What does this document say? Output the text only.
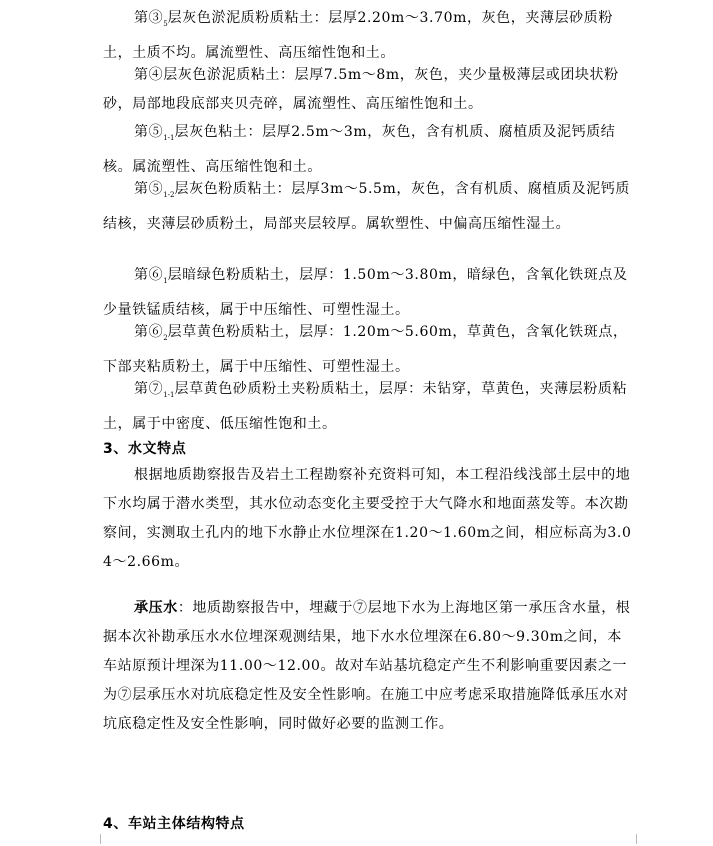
第$③_5$层灰色淤泥质粉质粘土：层厚2.20m～3.70m，灰色，夹薄层砂质粉土，土质不均。属流塑性、高压缩性饱和土。

第④层灰色淤泥质粘土：层厚7.5m～8m，灰色，夹少量极薄层或团块状粉砂，局部地段底部夹贝壳碎，属流塑性、高压缩性饱和土。

第$⑤_{1-1}$层灰色粘土：层厚2.5m～3m，灰色，含有机质、腐植质及泥钙质结核。属流塑性、高压缩性饱和土。

第$⑤_{1-2}$层灰色粉质粘土：层厚3m～5.5m，灰色，含有机质、腐植质及泥钙质结核，夹薄层砂质粉土，局部夹层较厚。属软塑性、中偏高压缩性湿土。

第$⑥_1$层暗绿色粉质粘土，层厚：1.50m～3.80m，暗绿色，含氧化铁斑点及少量铁锰质结核，属于中压缩性、可塑性湿土。

第$⑥_2$层草黄色粉质粘土，层厚：1.20m～5.60m，草黄色，含氧化铁斑点，下部夹粘质粉土，属于中压缩性、可塑性湿土。

第$⑦_{1-1}$层草黄色砂质粉土夹粉质粘土，层厚：未钻穿，草黄色，夹薄层粉质粘土，属于中密度、低压缩性饱和土。

3、水文特点

根据地质勘察报告及岩土工程勘察补充资料可知，本工程沿线浅部土层中的地下水均属于潜水类型，其水位动态变化主要受控于大气降水和地面蒸发等。本次勘察间，实测取土孔内的地下水静止水位埋深在1.20～1.60m之间，相应标高为3.04～2.66m。

承压水：地质勘察报告中，埋藏于⑦层地下水为上海地区第一承压含水量，根据本次补勘承压水水位埋深观测结果，地下水水位埋深在6.80～9.30m之间，本车站原预计埋深为11.00～12.00。故对车站基坑稳定产生不利影响重要因素之一为⑦层承压水对坑底稳定性及安全性影响。在施工中应考虑采取措施降低承压水对坑底稳定性及安全性影响，同时做好必要的监测工作。

4、车站主体结构特点
